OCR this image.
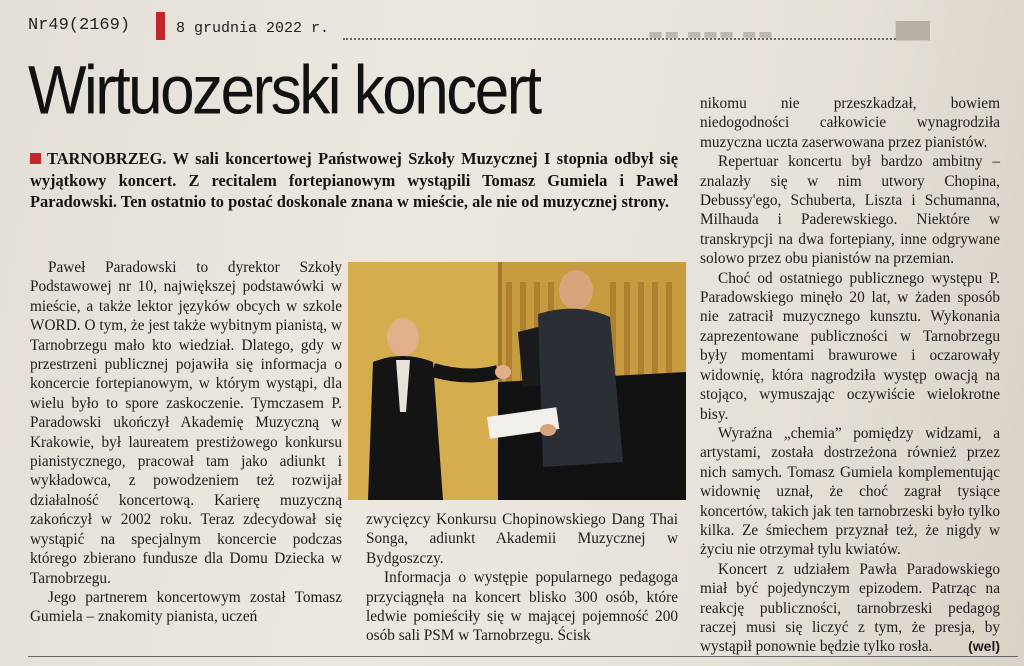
Nr49(2169)	8 grudnia 2022 r.	▬▬ ▬▬▬ ▬▬	▆▆
Wirtuozerski koncert

TARNOBRZEG. W sali koncertowej Państwowej Szkoły Muzycznej I stopnia odbył się wyjątkowy koncert. Z recitalem fortepianowym wystąpili Tomasz Gumiela i Paweł Paradowski. Ten ostatnio to postać doskonale znana w mieście, ale nie od muzycznej strony.

Paweł Paradowski to dyrektor Szkoły Podstawowej nr 10, największej podstawówki w mieście, a także lektor języków obcych w szkole WORD. O tym, że jest także wybitnym pianistą, w Tarnobrzegu mało kto wiedział. Dlatego, gdy w przestrzeni publicznej pojawiła się informacja o koncercie fortepianowym, w którym wystąpi, dla wielu było to spore zaskoczenie. Tymczasem P. Paradowski ukończył Akademię Muzyczną w Krakowie, był laureatem prestiżowego konkursu pianistycznego, pracował tam jako adiunkt i wykładowca, z powodzeniem też rozwijał działalność koncertową. Karierę muzyczną zakończył w 2002 roku. Teraz zdecydował się wystąpić na specjalnym koncercie podczas którego zbierano fundusze dla Domu Dziecka w Tarnobrzegu.

Jego partnerem koncertowym został Tomasz Gumiela – znakomity pianista, uczeń

zwycięzcy Konkursu Chopinowskiego Dang Thai Songa, adiunkt Akademii Muzycznej w Bydgoszczy.

Informacja o występie popularnego pedagoga przyciągnęła na koncert blisko 300 osób, które ledwie pomieściły się w mającej pojemność 200 osób sali PSM w Tarnobrzegu. Ścisk

nikomu nie przeszkadzał, bowiem niedogodności całkowicie wynagrodziła muzyczna uczta zaserwowana przez pianistów.

Repertuar koncertu był bardzo ambitny – znalazły się w nim utwory Chopina, Debussy'ego, Schuberta, Liszta i Schumanna, Milhauda i Paderewskiego. Niektóre w transkrypcji na dwa fortepiany, inne odgrywane solowo przez obu pianistów na przemian.

Choć od ostatniego publicznego występu P. Paradowskiego minęło 20 lat, w żaden sposób nie zatracił muzycznego kunsztu. Wykonania zaprezentowane publiczności w Tarnobrzegu były momentami brawurowe i oczarowały widownię, która nagrodziła występ owacją na stojąco, wymuszając oczywiście wielokrotne bisy.

Wyraźna „chemia” pomiędzy widzami, a artystami, została dostrzeżona również przez nich samych. Tomasz Gumiela komplementując widownię uznał, że choć zagrał tysiące koncertów, takich jak ten tarnobrzeski było tylko kilka. Ze śmiechem przyznał też, że nigdy w życiu nie otrzymał tylu kwiatów.

Koncert z udziałem Pawła Paradowskiego miał być pojedynczym epizodem. Patrząc na reakcję publiczności, tarnobrzeski pedagog raczej musi się liczyć z tym, że presja, by wystąpił ponownie będzie tylko rosła.	(wel)
